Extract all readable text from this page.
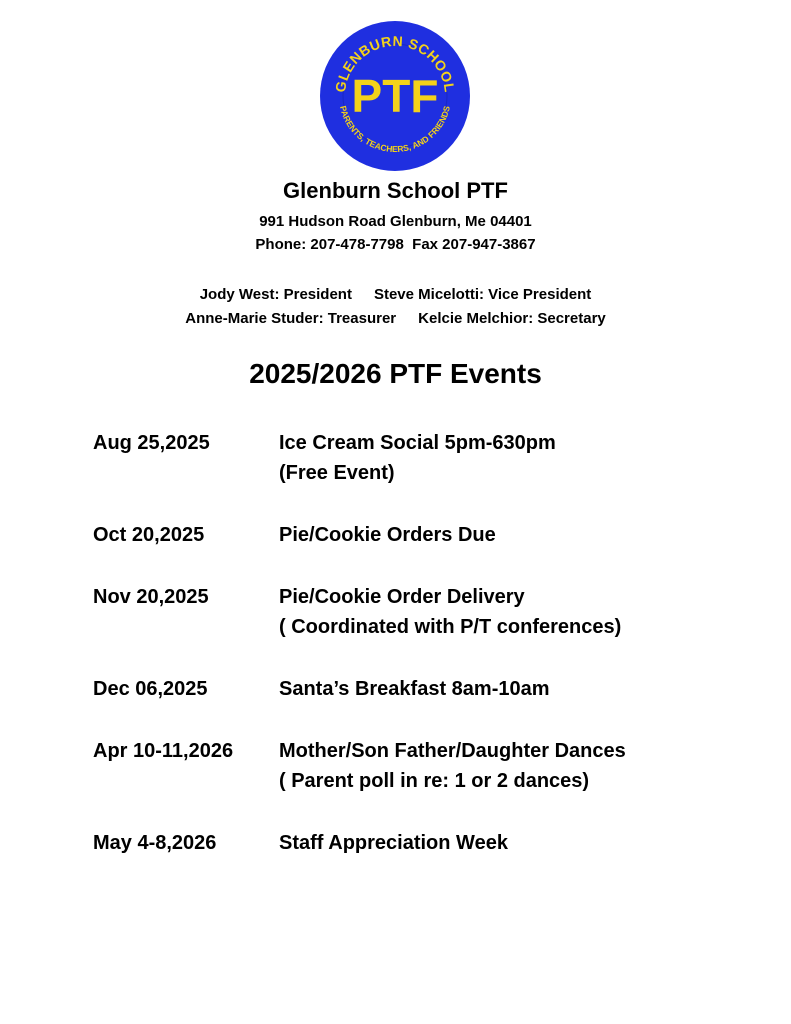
GLENBURN SCHOOL
PTF
PARENTS, TEACHERS, AND FRIENDS
Glenburn School PTF
991 Hudson Road Glenburn, Me 04401
Phone: 207-478-7798  Fax 207-947-3867
Jody West: President Steve Micelotti: Vice President
Anne-Marie Studer: Treasurer Kelcie Melchior: Secretary
2025/2026 PTF Events
Aug 25,2025	Ice Cream Social 5pm-630pm
(Free Event)
Oct 20,2025	Pie/Cookie Orders Due
Nov 20,2025	Pie/Cookie Order Delivery
( Coordinated with P/T conferences)
Dec 06,2025	Santa’s Breakfast 8am-10am
Apr 10-11,2026	Mother/Son Father/Daughter Dances
( Parent poll in re: 1 or 2 dances)
May 4-8,2026	Staff Appreciation Week
